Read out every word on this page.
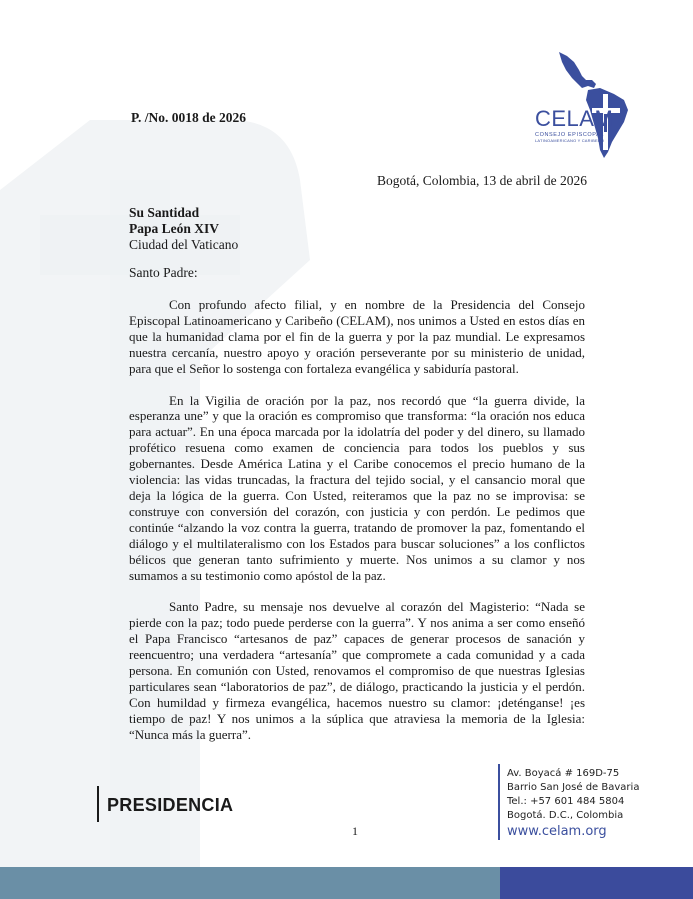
P. /No. 0018 de 2026	CELAM
CONSEJO EPISCOPAL
LATINOAMERICANO Y CARIBEÑO
Bogotá, Colombia, 13 de abril de 2026
Su Santidad
Papa León XIV
Ciudad del Vaticano
Santo Padre:

Con profundo afecto filial, y en nombre de la Presidencia del Consejo Episcopal Latinoamericano y Caribeño (CELAM), nos unimos a Usted en estos días en que la humanidad clama por el fin de la guerra y por la paz mundial. Le expresamos nuestra cercanía, nuestro apoyo y oración perseverante por su ministerio de unidad, para que el Señor lo sostenga con fortaleza evangélica y sabiduría pastoral.

En la Vigilia de oración por la paz, nos recordó que “la guerra divide, la esperanza une” y que la oración es compromiso que transforma: “la oración nos educa para actuar”. En una época marcada por la idolatría del poder y del dinero, su llamado profético resuena como examen de conciencia para todos los pueblos y sus gobernantes. Desde América Latina y el Caribe conocemos el precio humano de la violencia: las vidas truncadas, la fractura del tejido social, y el cansancio moral que deja la lógica de la guerra. Con Usted, reiteramos que la paz no se improvisa: se construye con conversión del corazón, con justicia y con perdón. Le pedimos que continúe “alzando la voz contra la guerra, tratando de promover la paz, fomentando el diálogo y el multilateralismo con los Estados para buscar soluciones” a los conflictos bélicos que generan tanto sufrimiento y muerte. Nos unimos a su clamor y nos sumamos a su testimonio como apóstol de la paz.

Santo Padre, su mensaje nos devuelve al corazón del Magisterio: “Nada se pierde con la paz; todo puede perderse con la guerra”. Y nos anima a ser como enseñó el Papa Francisco “artesanos de paz” capaces de generar procesos de sanación y reencuentro; una verdadera “artesanía” que compromete a cada comunidad y a cada persona. En comunión con Usted, renovamos el compromiso de que nuestras Iglesias particulares sean “laboratorios de paz”, de diálogo, practicando la justicia y el perdón. Con humildad y firmeza evangélica, hacemos nuestro su clamor: ¡deténganse! ¡es tiempo de paz! Y nos unimos a la súplica que atraviesa la memoria de la Iglesia: “Nunca más la guerra”.

PRESIDENCIA
Av. Boyacá # 169D-75
Barrio San José de Bavaria
Tel.: +57 601 484 5804
Bogotá. D.C., Colombia
www.celam.org
1
